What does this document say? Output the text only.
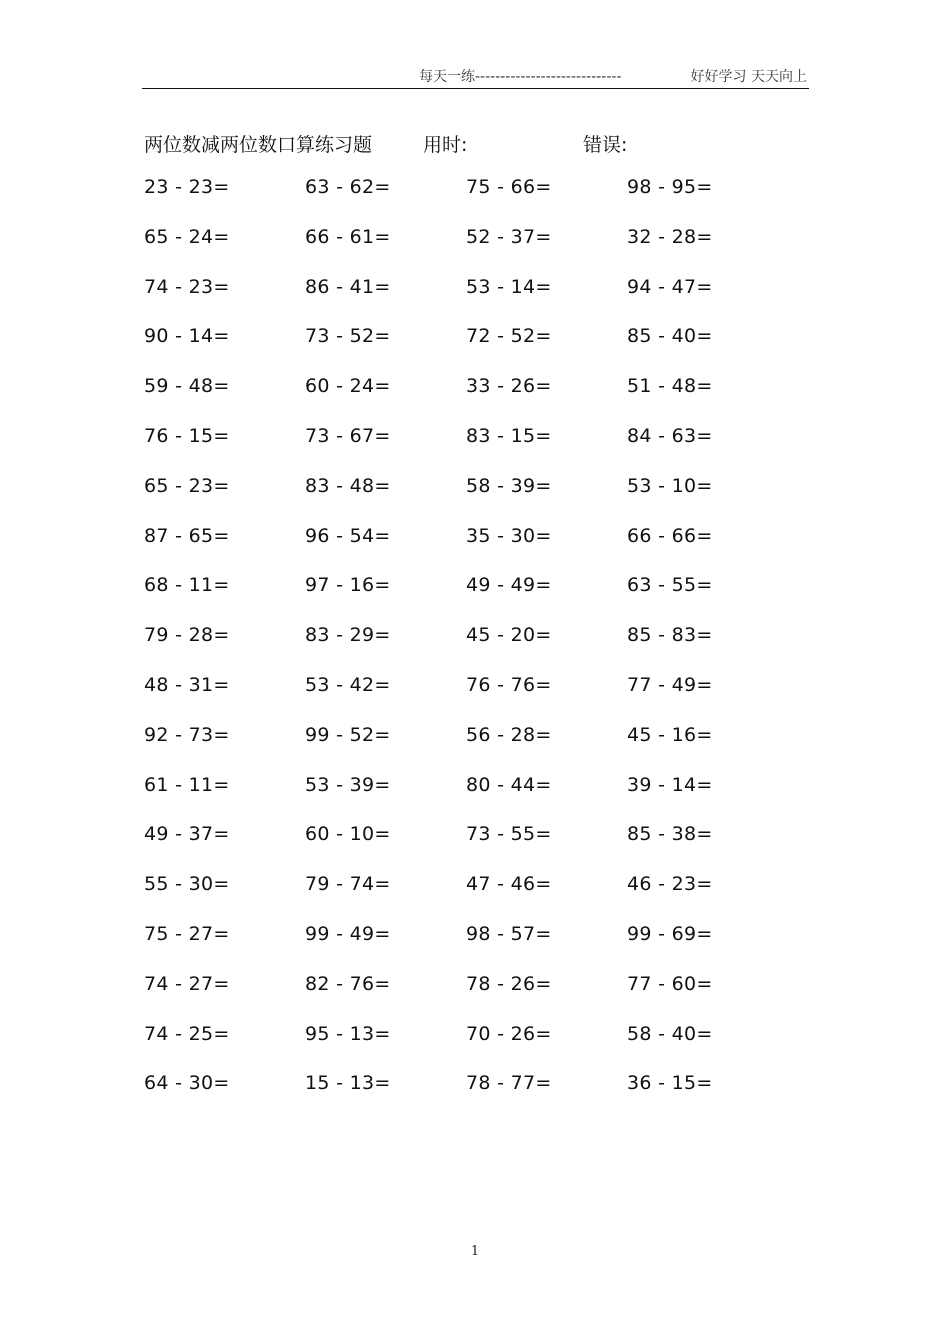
每天一练-----------------------------	好好学习 天天向上
两位数减两位数口算练习题	用时:	错误:
23 - 23=	63 - 62=	75 - 66=	98 - 95=
65 - 24=	66 - 61=	52 - 37=	32 - 28=
74 - 23=	86 - 41=	53 - 14=	94 - 47=
90 - 14=	73 - 52=	72 - 52=	85 - 40=
59 - 48=	60 - 24=	33 - 26=	51 - 48=
76 - 15=	73 - 67=	83 - 15=	84 - 63=
65 - 23=	83 - 48=	58 - 39=	53 - 10=
87 - 65=	96 - 54=	35 - 30=	66 - 66=
68 - 11=	97 - 16=	49 - 49=	63 - 55=
79 - 28=	83 - 29=	45 - 20=	85 - 83=
48 - 31=	53 - 42=	76 - 76=	77 - 49=
92 - 73=	99 - 52=	56 - 28=	45 - 16=
61 - 11=	53 - 39=	80 - 44=	39 - 14=
49 - 37=	60 - 10=	73 - 55=	85 - 38=
55 - 30=	79 - 74=	47 - 46=	46 - 23=
75 - 27=	99 - 49=	98 - 57=	99 - 69=
74 - 27=	82 - 76=	78 - 26=	77 - 60=
74 - 25=	95 - 13=	70 - 26=	58 - 40=
64 - 30=	15 - 13=	78 - 77=	36 - 15=
1
